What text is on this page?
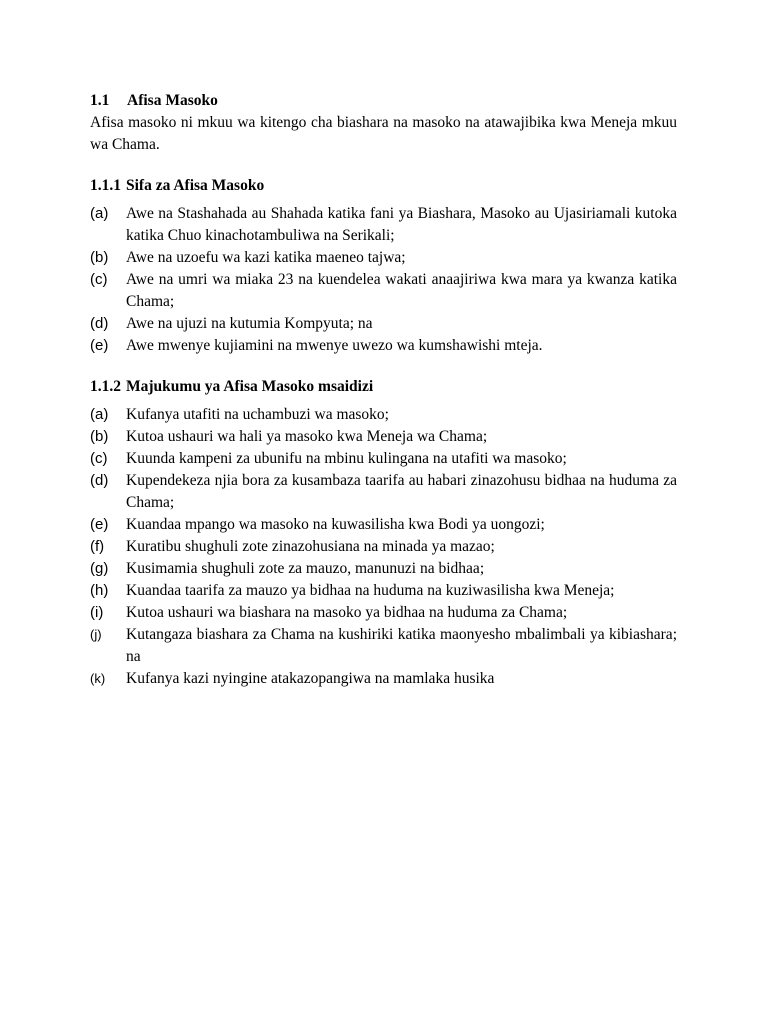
1.1	Afisa Masoko

Afisa masoko ni mkuu wa kitengo cha biashara na masoko na atawajibika kwa Meneja mkuu wa Chama.

1.1.1 Sifa za Afisa Masoko
(a)	Awe na Stashahada au Shahada katika fani ya Biashara, Masoko au Ujasiriamali kutoka katika Chuo kinachotambuliwa na Serikali;
(b)	Awe na uzoefu wa kazi katika maeneo tajwa;
(c)	Awe na umri wa miaka 23 na kuendelea wakati anaajiriwa kwa mara ya kwanza katika Chama;
(d)	Awe na ujuzi na kutumia Kompyuta; na
(e)	Awe mwenye kujiamini na mwenye uwezo wa kumshawishi mteja.
1.1.2 Majukumu ya Afisa Masoko msaidizi
(a)	Kufanya utafiti na uchambuzi wa masoko;
(b)	Kutoa ushauri wa hali ya masoko kwa Meneja wa Chama;
(c)	Kuunda kampeni za ubunifu na mbinu kulingana na utafiti wa masoko;
(d)	Kupendekeza njia bora za kusambaza taarifa au habari zinazohusu bidhaa na huduma za Chama;
(e)	Kuandaa mpango wa masoko na kuwasilisha kwa Bodi ya uongozi;
(f)	Kuratibu shughuli zote zinazohusiana na minada ya mazao;
(g)	Kusimamia shughuli zote za mauzo, manunuzi na bidhaa;
(h)	Kuandaa taarifa za mauzo ya bidhaa na huduma na kuziwasilisha kwa Meneja;
(i)	Kutoa ushauri wa biashara na masoko ya bidhaa na huduma za Chama;
(j)	Kutangaza biashara za Chama na kushiriki katika maonyesho mbalimbali ya kibiashara; na
(k)	Kufanya kazi nyingine atakazopangiwa na mamlaka husika
